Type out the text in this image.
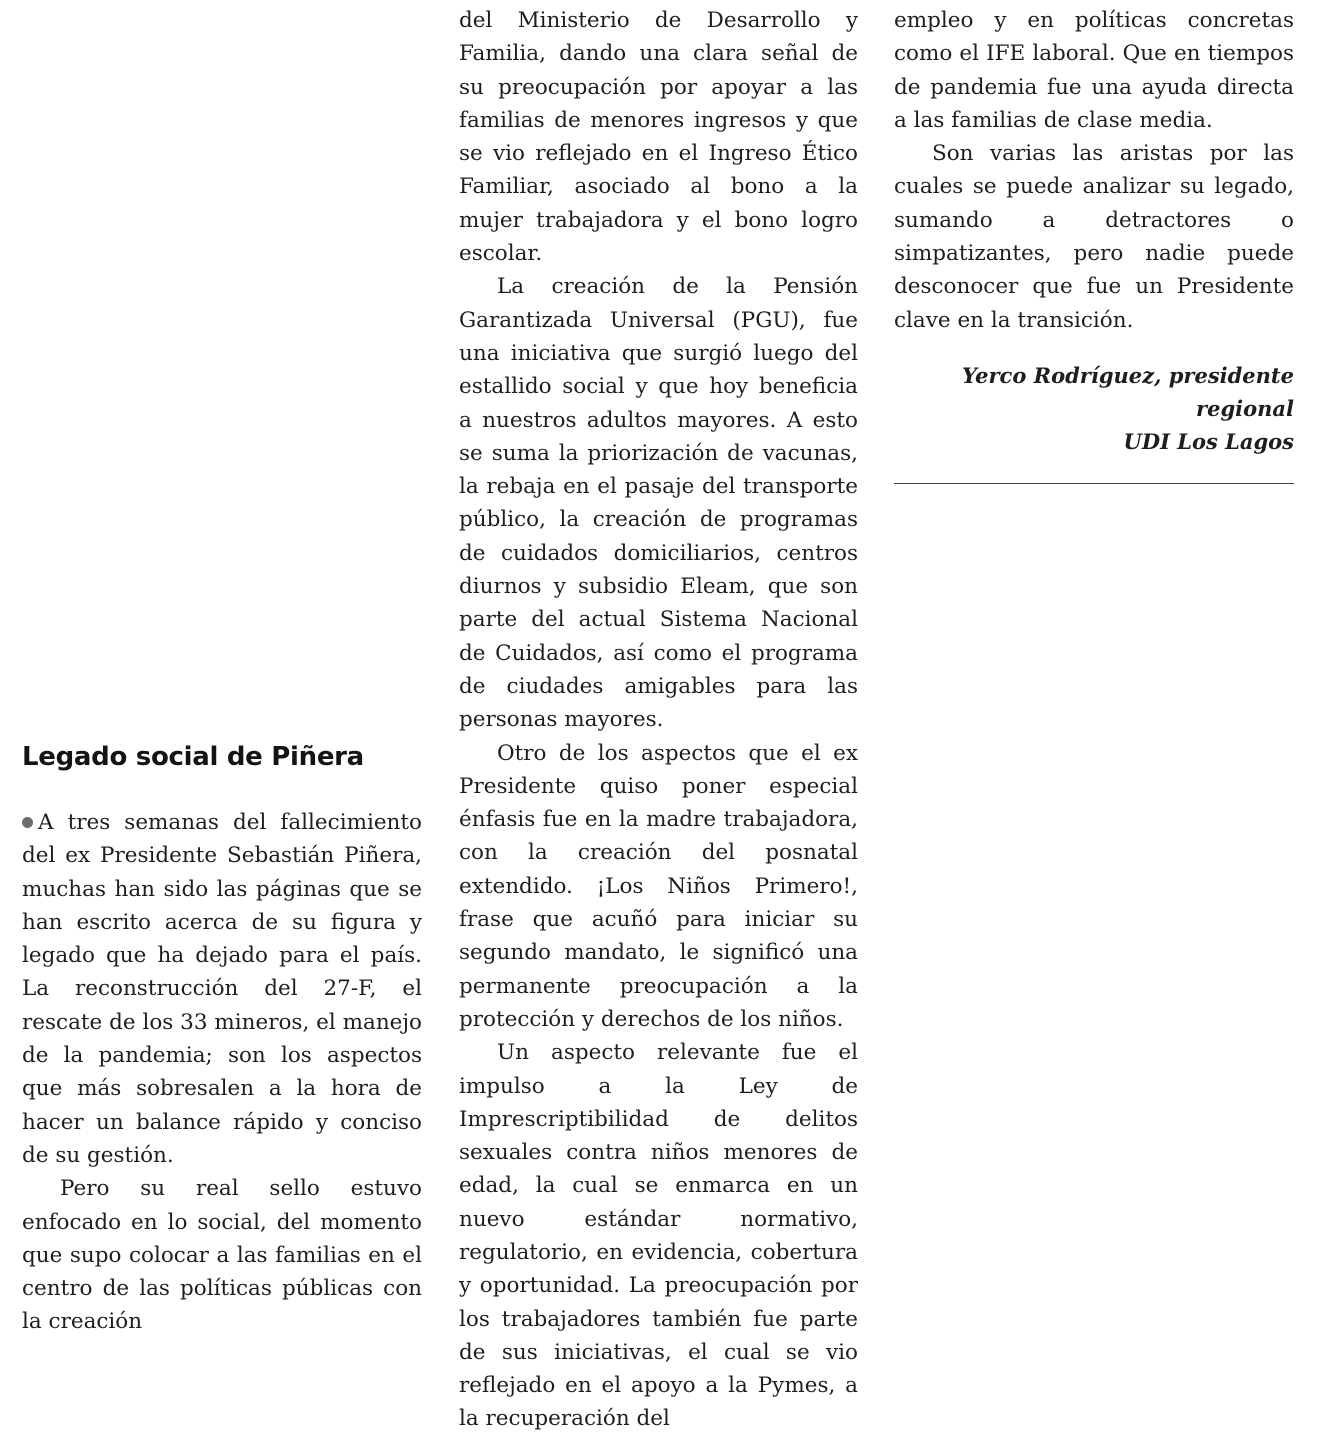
Legado social de Piñera

A tres semanas del fallecimiento del ex Presidente Sebastián Piñera, muchas han sido las páginas que se han escrito acerca de su figura y legado que ha dejado para el país. La reconstrucción del 27-F, el rescate de los 33 mineros, el manejo de la pandemia; son los aspectos que más sobresalen a la hora de hacer un balance rápido y conciso de su gestión.

Pero su real sello estuvo enfocado en lo social, del momento que supo colocar a las familias en el centro de las políticas públicas con la creación

del Ministerio de Desarrollo y Familia, dando una clara señal de su preocupación por apoyar a las familias de menores ingresos y que se vio reflejado en el Ingreso Ético Familiar, asociado al bono a la mujer trabajadora y el bono logro escolar.

La creación de la Pensión Garantizada Universal (PGU), fue una iniciativa que surgió luego del estallido social y que hoy beneficia a nuestros adultos mayores. A esto se suma la priorización de vacunas, la rebaja en el pasaje del transporte público, la creación de programas de cuidados domiciliarios, centros diurnos y subsidio Eleam, que son parte del actual Sistema Nacional de Cuidados, así como el programa de ciudades amigables para las personas mayores.

Otro de los aspectos que el ex Presidente quiso poner especial énfasis fue en la madre trabajadora, con la creación del posnatal extendido. ¡Los Niños Primero!, frase que acuñó para iniciar su segundo mandato, le significó una permanente preocupación a la protección y derechos de los niños.

Un aspecto relevante fue el impulso a la Ley de Imprescriptibilidad de delitos sexuales contra niños menores de edad, la cual se enmarca en un nuevo estándar normativo, regulatorio, en evidencia, cobertura y oportunidad. La preocupación por los trabajadores también fue parte de sus iniciativas, el cual se vio reflejado en el apoyo a la Pymes, a la recuperación del

empleo y en políticas concretas como el IFE laboral. Que en tiempos de pandemia fue una ayuda directa a las familias de clase media.

Son varias las aristas por las cuales se puede analizar su legado, sumando a detractores o simpatizantes, pero nadie puede desconocer que fue un Presidente clave en la transición.

Yerco Rodríguez, presidente regional
UDI Los Lagos
